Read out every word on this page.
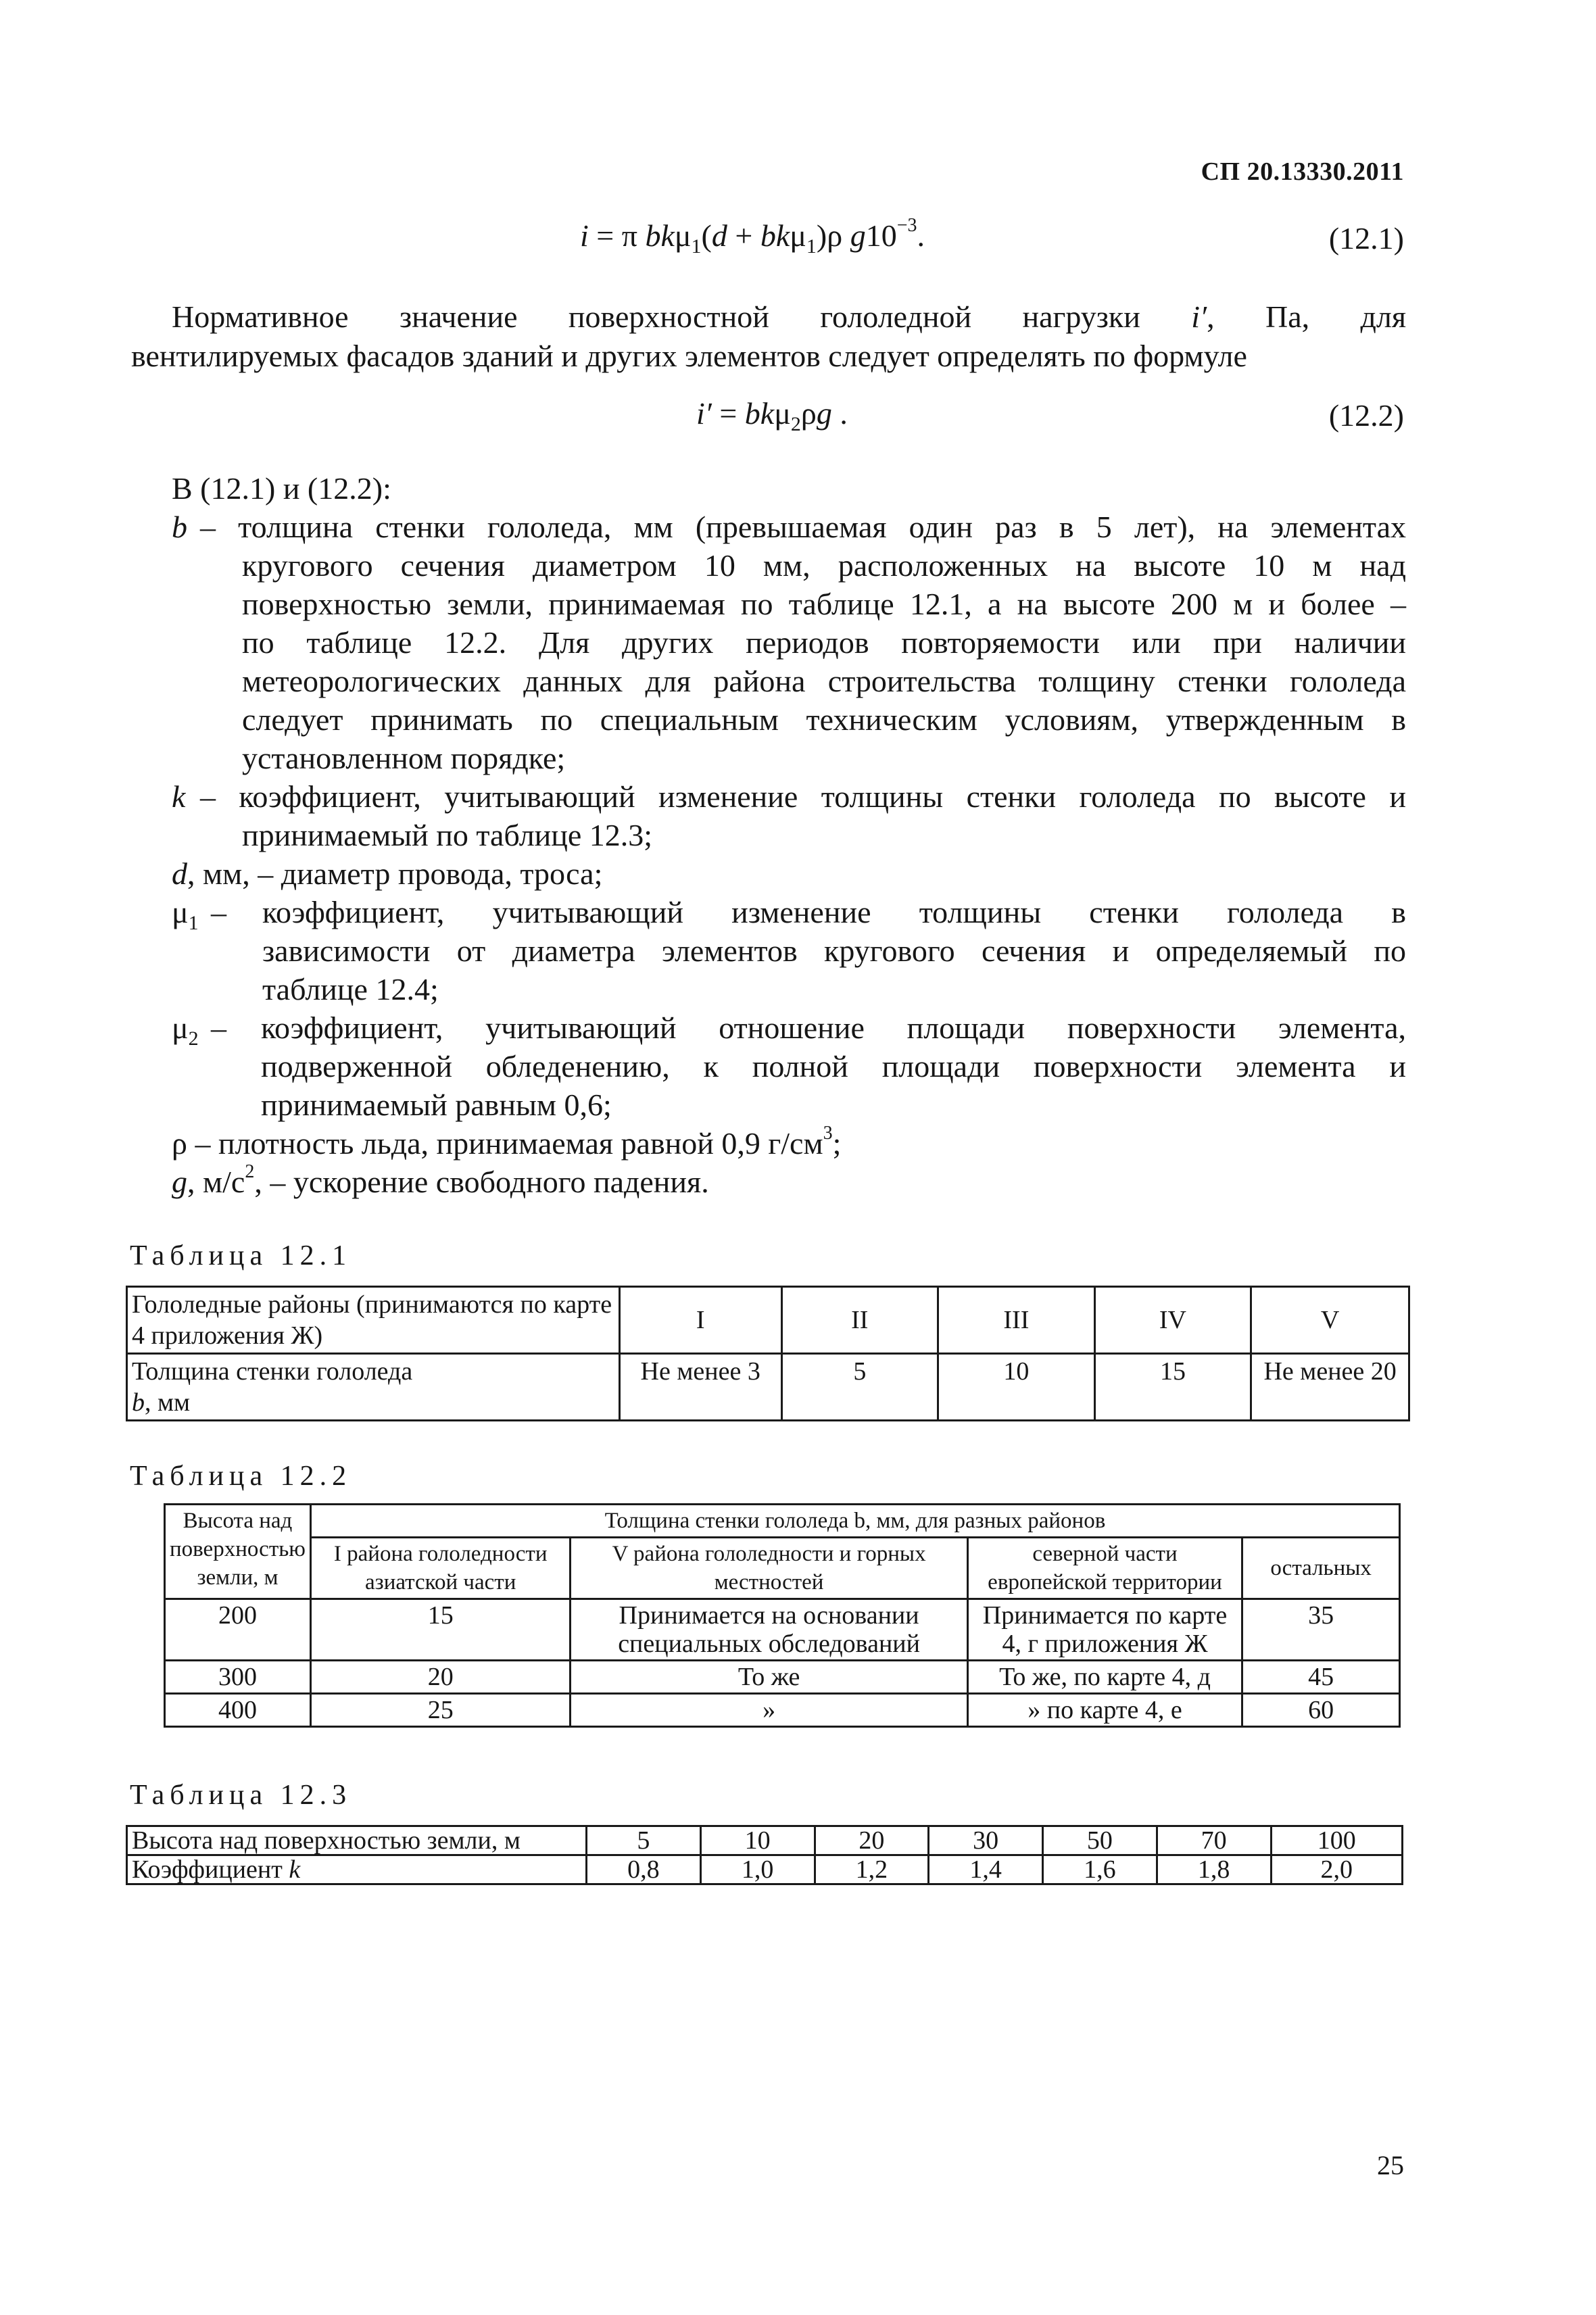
СП 20.13330.2011
i = π bkμ$_1$(d + bkμ$_1$)ρ $g10^{-3}$.	(12.1)
Нормативное значение поверхностной гололедной нагрузки i′, Па, для
вентилируемых фасадов зданий и других элементов следует определять по формуле
i′ = bkμ$_2$ρg .	(12.2)
В (12.1) и (12.2):
b – толщина стенки гололеда, мм (превышаемая один раз в 5 лет), на элементах
кругового сечения диаметром 10 мм, расположенных на высоте 10 м над
поверхностью земли, принимаемая по таблице 12.1, а на высоте 200 м и более –
по таблице 12.2. Для других периодов повторяемости или при наличии
метеорологических данных для района строительства толщину стенки гололеда
следует принимать по специальным техническим условиям, утвержденным в
установленном порядке;
k – коэффициент, учитывающий изменение толщины стенки гололеда по высоте и
принимаемый по таблице 12.3;
d, мм, – диаметр провода, троса;
$\mu_1$ –	коэффициент, учитывающий изменение толщины стенки гололеда в
зависимости от диаметра элементов кругового сечения и определяемый по
таблице 12.4;
$\mu_2$ –	коэффициент, учитывающий отношение площади поверхности элемента,
подверженной обледенению, к полной площади поверхности элемента и
принимаемый равным 0,6;
ρ – плотность льда, принимаемая равной 0,9 $г/см^3$;
g, $м/с^2$, – ускорение свободного падения.
Таблица 12.1
Гололедные районы (принимаются по карте 4 приложения Ж)	I	II	III	IV	V
Толщина стенки гололеда
b, мм	Не менее 3	5	10	15	Не менее 20
Таблица 12.2
Высота над поверхностью земли, м	Толщина стенки гололеда b, мм, для разных районов			
	I района гололедности азиатской части	V района гололедности и горных местностей	северной части европейской территории	остальных
200	15	Принимается на основании специальных обследований	Принимается по карте 4, г приложения Ж	35
300	20	То же	То же, по карте 4, д	45
400	25	»	» по карте 4, е	60
Таблица 12.3
Высота над поверхностью земли, м	5	10	20	30	50	70	100
Коэффициент k	0,8	1,0	1,2	1,4	1,6	1,8	2,0
25
